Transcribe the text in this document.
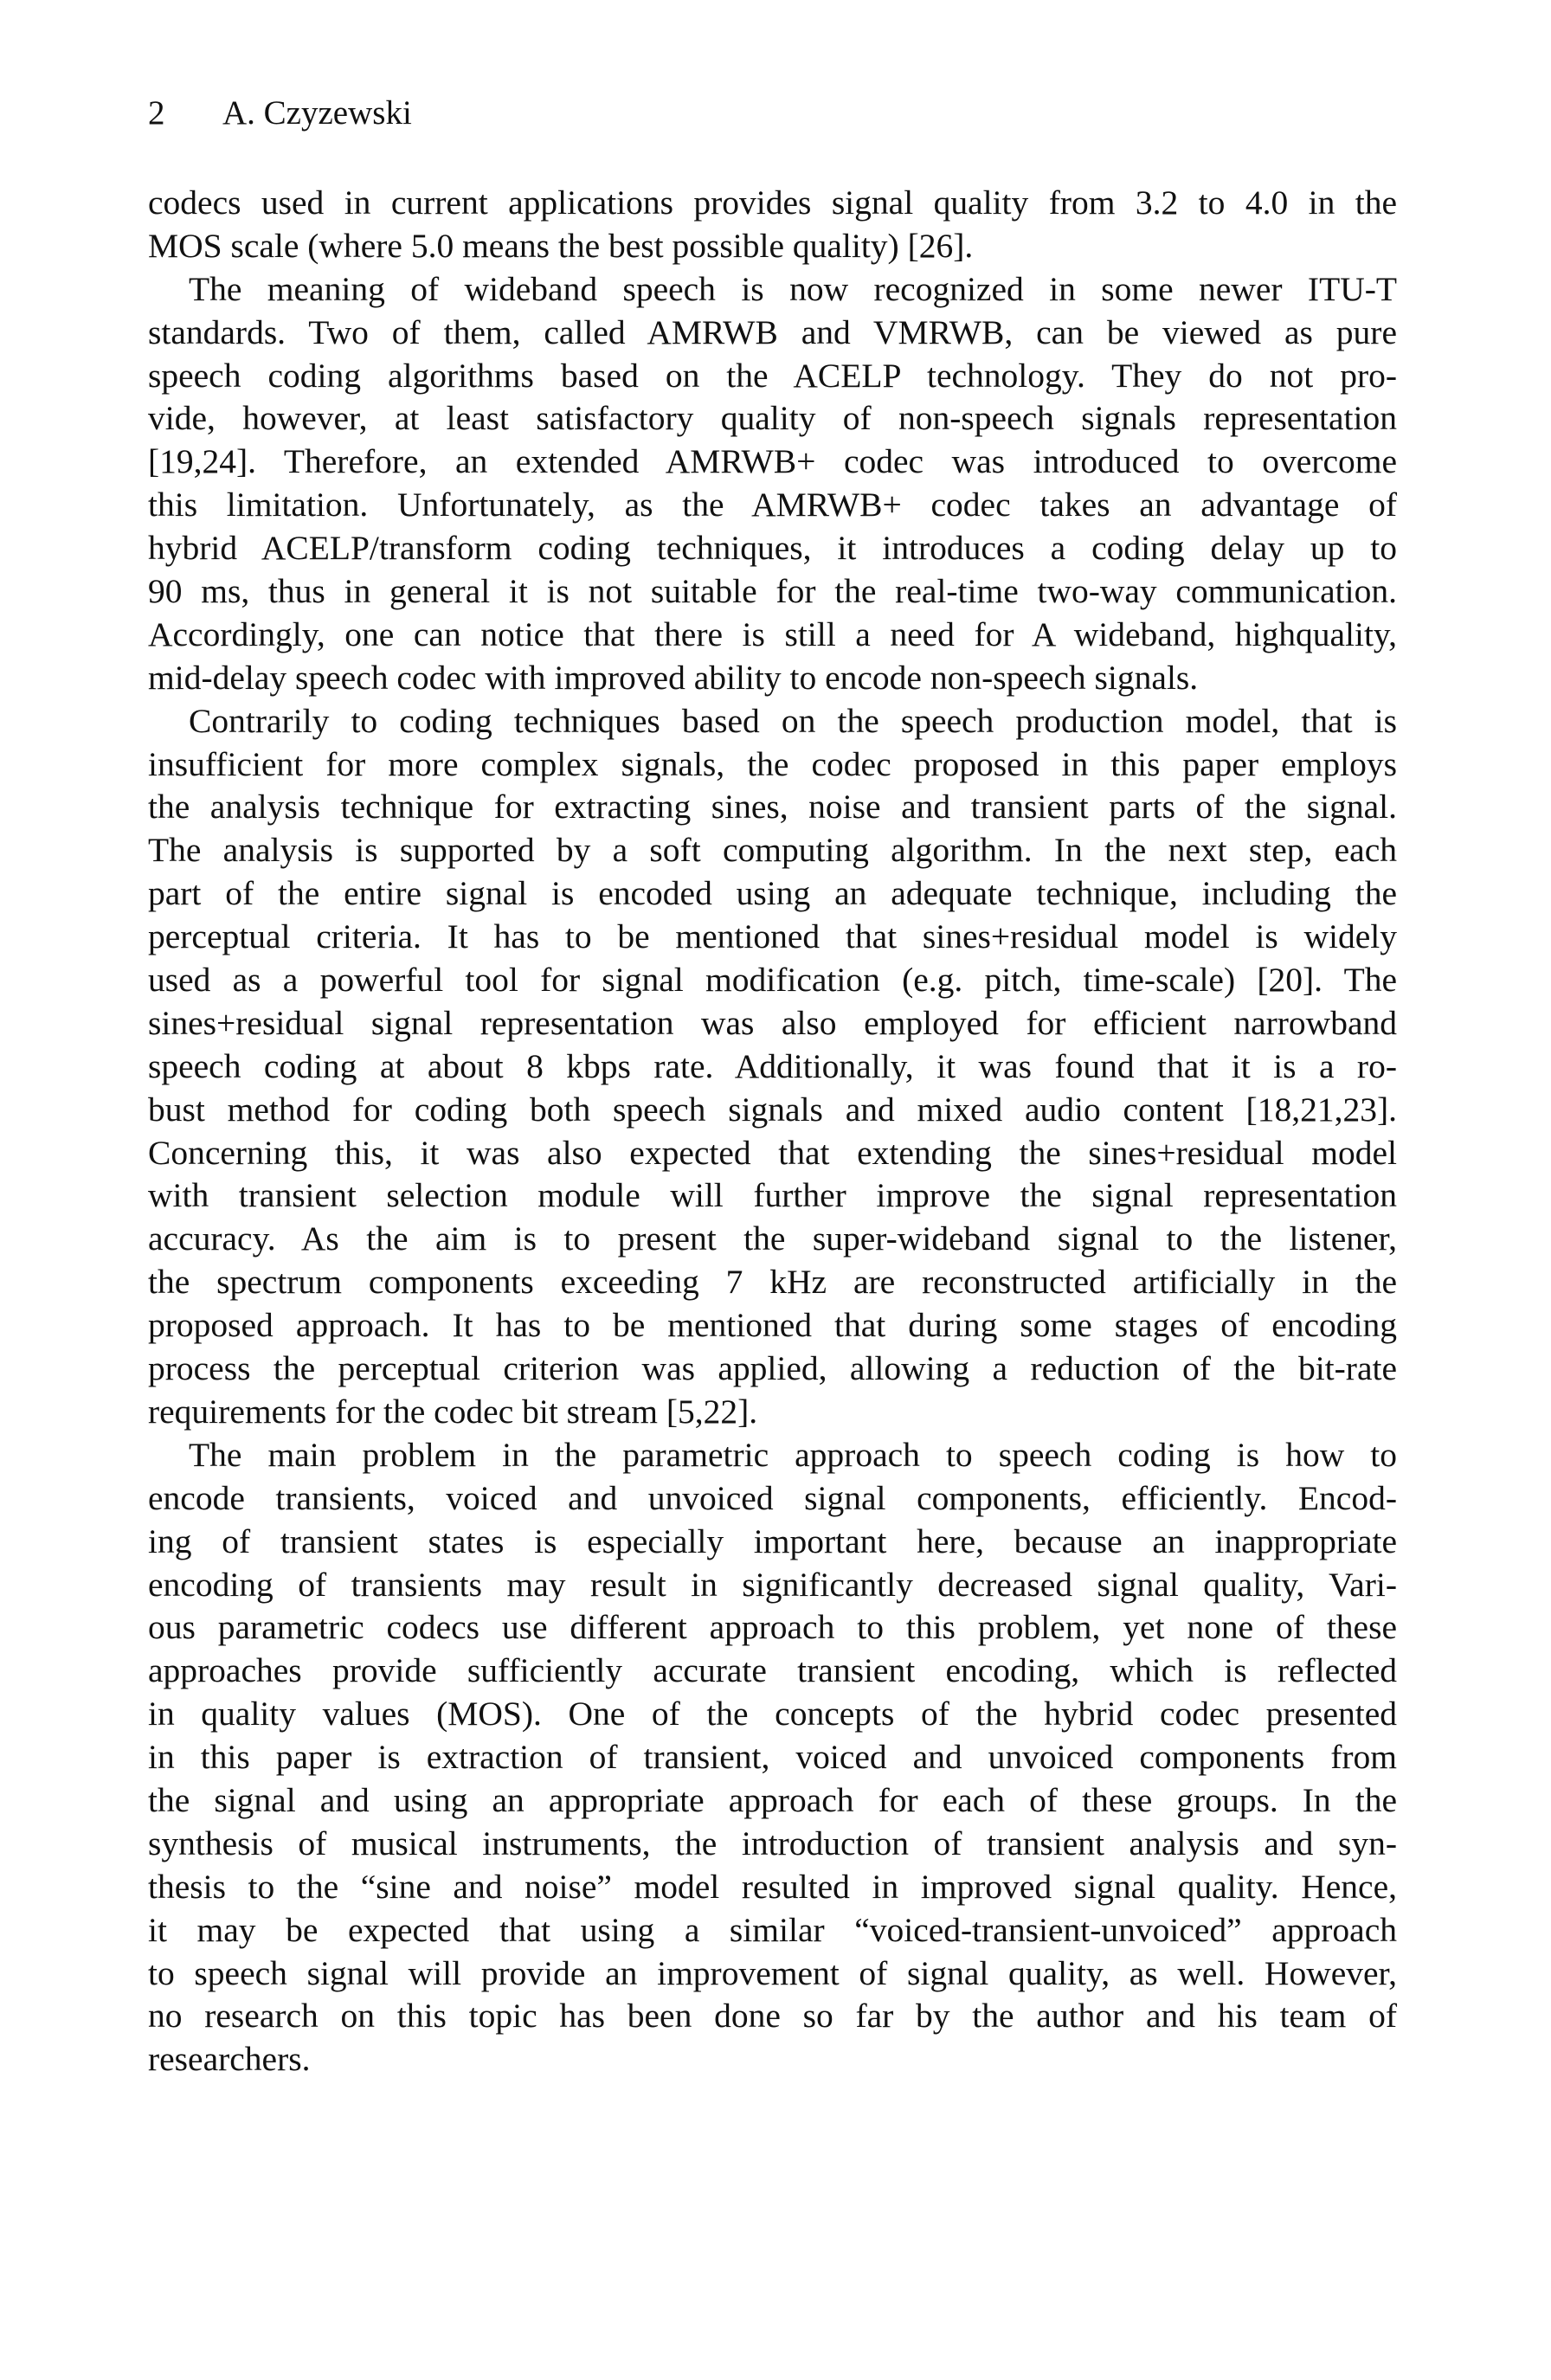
2 A. Czyzewski
codecs used in current applications provides signal quality from 3.2 to 4.0 in the
MOS scale (where 5.0 means the best possible quality) [26].
The meaning of wideband speech is now recognized in some newer ITU-T
standards. Two of them, called AMRWB and VMRWB, can be viewed as pure
speech coding algorithms based on the ACELP technology. They do not pro-
vide, however, at least satisfactory quality of non-speech signals representation
[19,24]. Therefore, an extended AMRWB+ codec was introduced to overcome
this limitation. Unfortunately, as the AMRWB+ codec takes an advantage of
hybrid ACELP/transform coding techniques, it introduces a coding delay up to
90 ms, thus in general it is not suitable for the real-time two-way communication.
Accordingly, one can notice that there is still a need for A wideband, highquality,
mid-delay speech codec with improved ability to encode non-speech signals.
Contrarily to coding techniques based on the speech production model, that is
insufficient for more complex signals, the codec proposed in this paper employs
the analysis technique for extracting sines, noise and transient parts of the signal.
The analysis is supported by a soft computing algorithm. In the next step, each
part of the entire signal is encoded using an adequate technique, including the
perceptual criteria. It has to be mentioned that sines+residual model is widely
used as a powerful tool for signal modification (e.g. pitch, time-scale) [20]. The
sines+residual signal representation was also employed for efficient narrowband
speech coding at about 8 kbps rate. Additionally, it was found that it is a ro-
bust method for coding both speech signals and mixed audio content [18,21,23].
Concerning this, it was also expected that extending the sines+residual model
with transient selection module will further improve the signal representation
accuracy. As the aim is to present the super-wideband signal to the listener,
the spectrum components exceeding 7 kHz are reconstructed artificially in the
proposed approach. It has to be mentioned that during some stages of encoding
process the perceptual criterion was applied, allowing a reduction of the bit-rate
requirements for the codec bit stream [5,22].
The main problem in the parametric approach to speech coding is how to
encode transients, voiced and unvoiced signal components, efficiently. Encod-
ing of transient states is especially important here, because an inappropriate
encoding of transients may result in significantly decreased signal quality, Vari-
ous parametric codecs use different approach to this problem, yet none of these
approaches provide sufficiently accurate transient encoding, which is reflected
in quality values (MOS). One of the concepts of the hybrid codec presented
in this paper is extraction of transient, voiced and unvoiced components from
the signal and using an appropriate approach for each of these groups. In the
synthesis of musical instruments, the introduction of transient analysis and syn-
thesis to the “sine and noise” model resulted in improved signal quality. Hence,
it may be expected that using a similar “voiced-transient-unvoiced” approach
to speech signal will provide an improvement of signal quality, as well. However,
no research on this topic has been done so far by the author and his team of
researchers.
